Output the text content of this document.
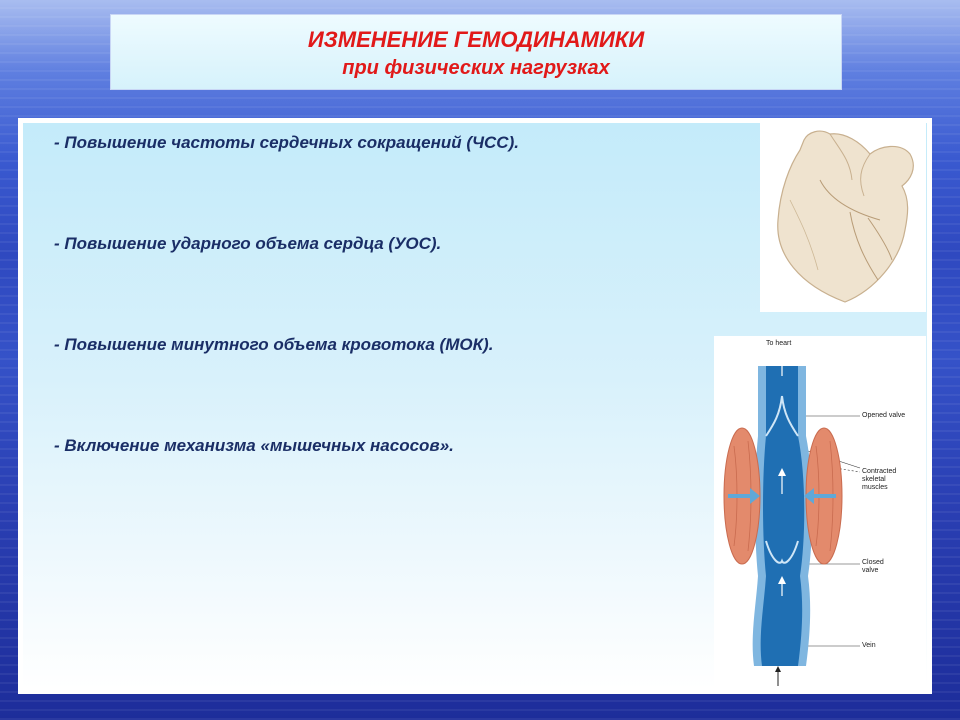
ИЗМЕНЕНИЕ ГЕМОДИНАМИКИ
при физических нагрузках
- Повышение частоты сердечных сокращений (ЧСС).
- Повышение ударного объема сердца (УОС).
- Повышение минутного объема кровотока (МОК).
- Включение механизма «мышечных насосов».
To heart
Opened valve
Contracted
skeletal
muscles
Closed
valve
Vein
